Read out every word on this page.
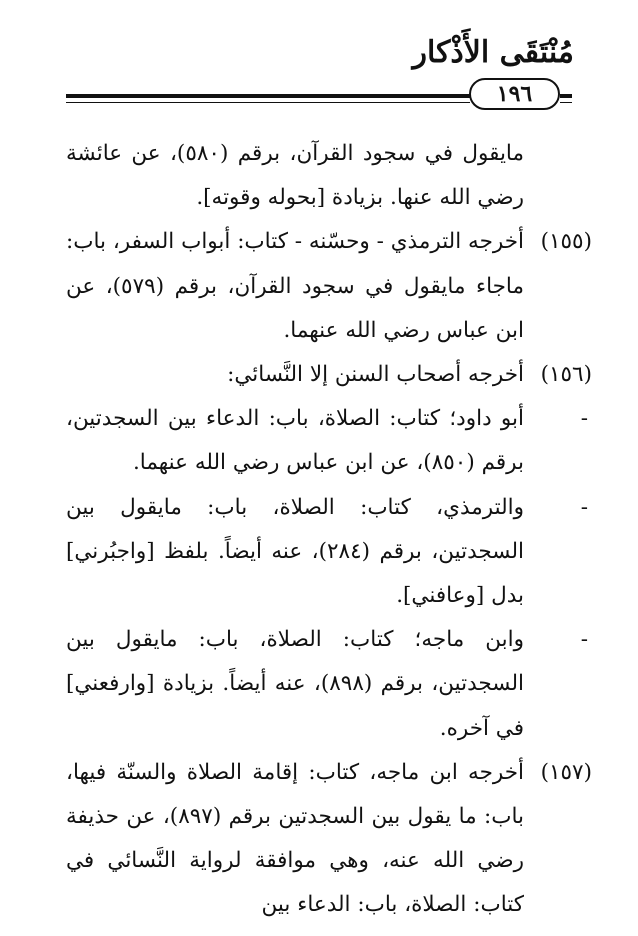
مُنْتَقَى الأَذْكار
١٩٦

مايقول في سجود القرآن، برقم (٥٨٠)، عن عائشة رضي الله عنها. بزيادة [بحوله وقوته].

(١٥٥)
أخرجه الترمذي - وحسّنه - كتاب: أبواب السفر، باب: ماجاء مايقول في سجود القرآن، برقم (٥٧٩)، عن ابن عباس رضي الله عنهما.

(١٥٦)
أخرجه أصحاب السنن إلا النَّسائي:

-
أبو داود؛ كتاب: الصلاة، باب: الدعاء بين السجدتين، برقم (٨٥٠)، عن ابن عباس رضي الله عنهما.

-
والترمذي، كتاب: الصلاة، باب: مايقول بين السجدتين، برقم (٢٨٤)، عنه أيضاً. بلفظ [واجبُرني] بدل [وعافني].

-
وابن ماجه؛ كتاب: الصلاة، باب: مايقول بين السجدتين، برقم (٨٩٨)، عنه أيضاً. بزيادة [وارفعني] في آخره.

(١٥٧)
أخرجه ابن ماجه، كتاب: إقامة الصلاة والسنّة فيها، باب: ما يقول بين السجدتين برقم (٨٩٧)، عن حذيفة رضي الله عنه، وهي موافقة لرواية النَّسائي في كتاب: الصلاة، باب: الدعاء بين
